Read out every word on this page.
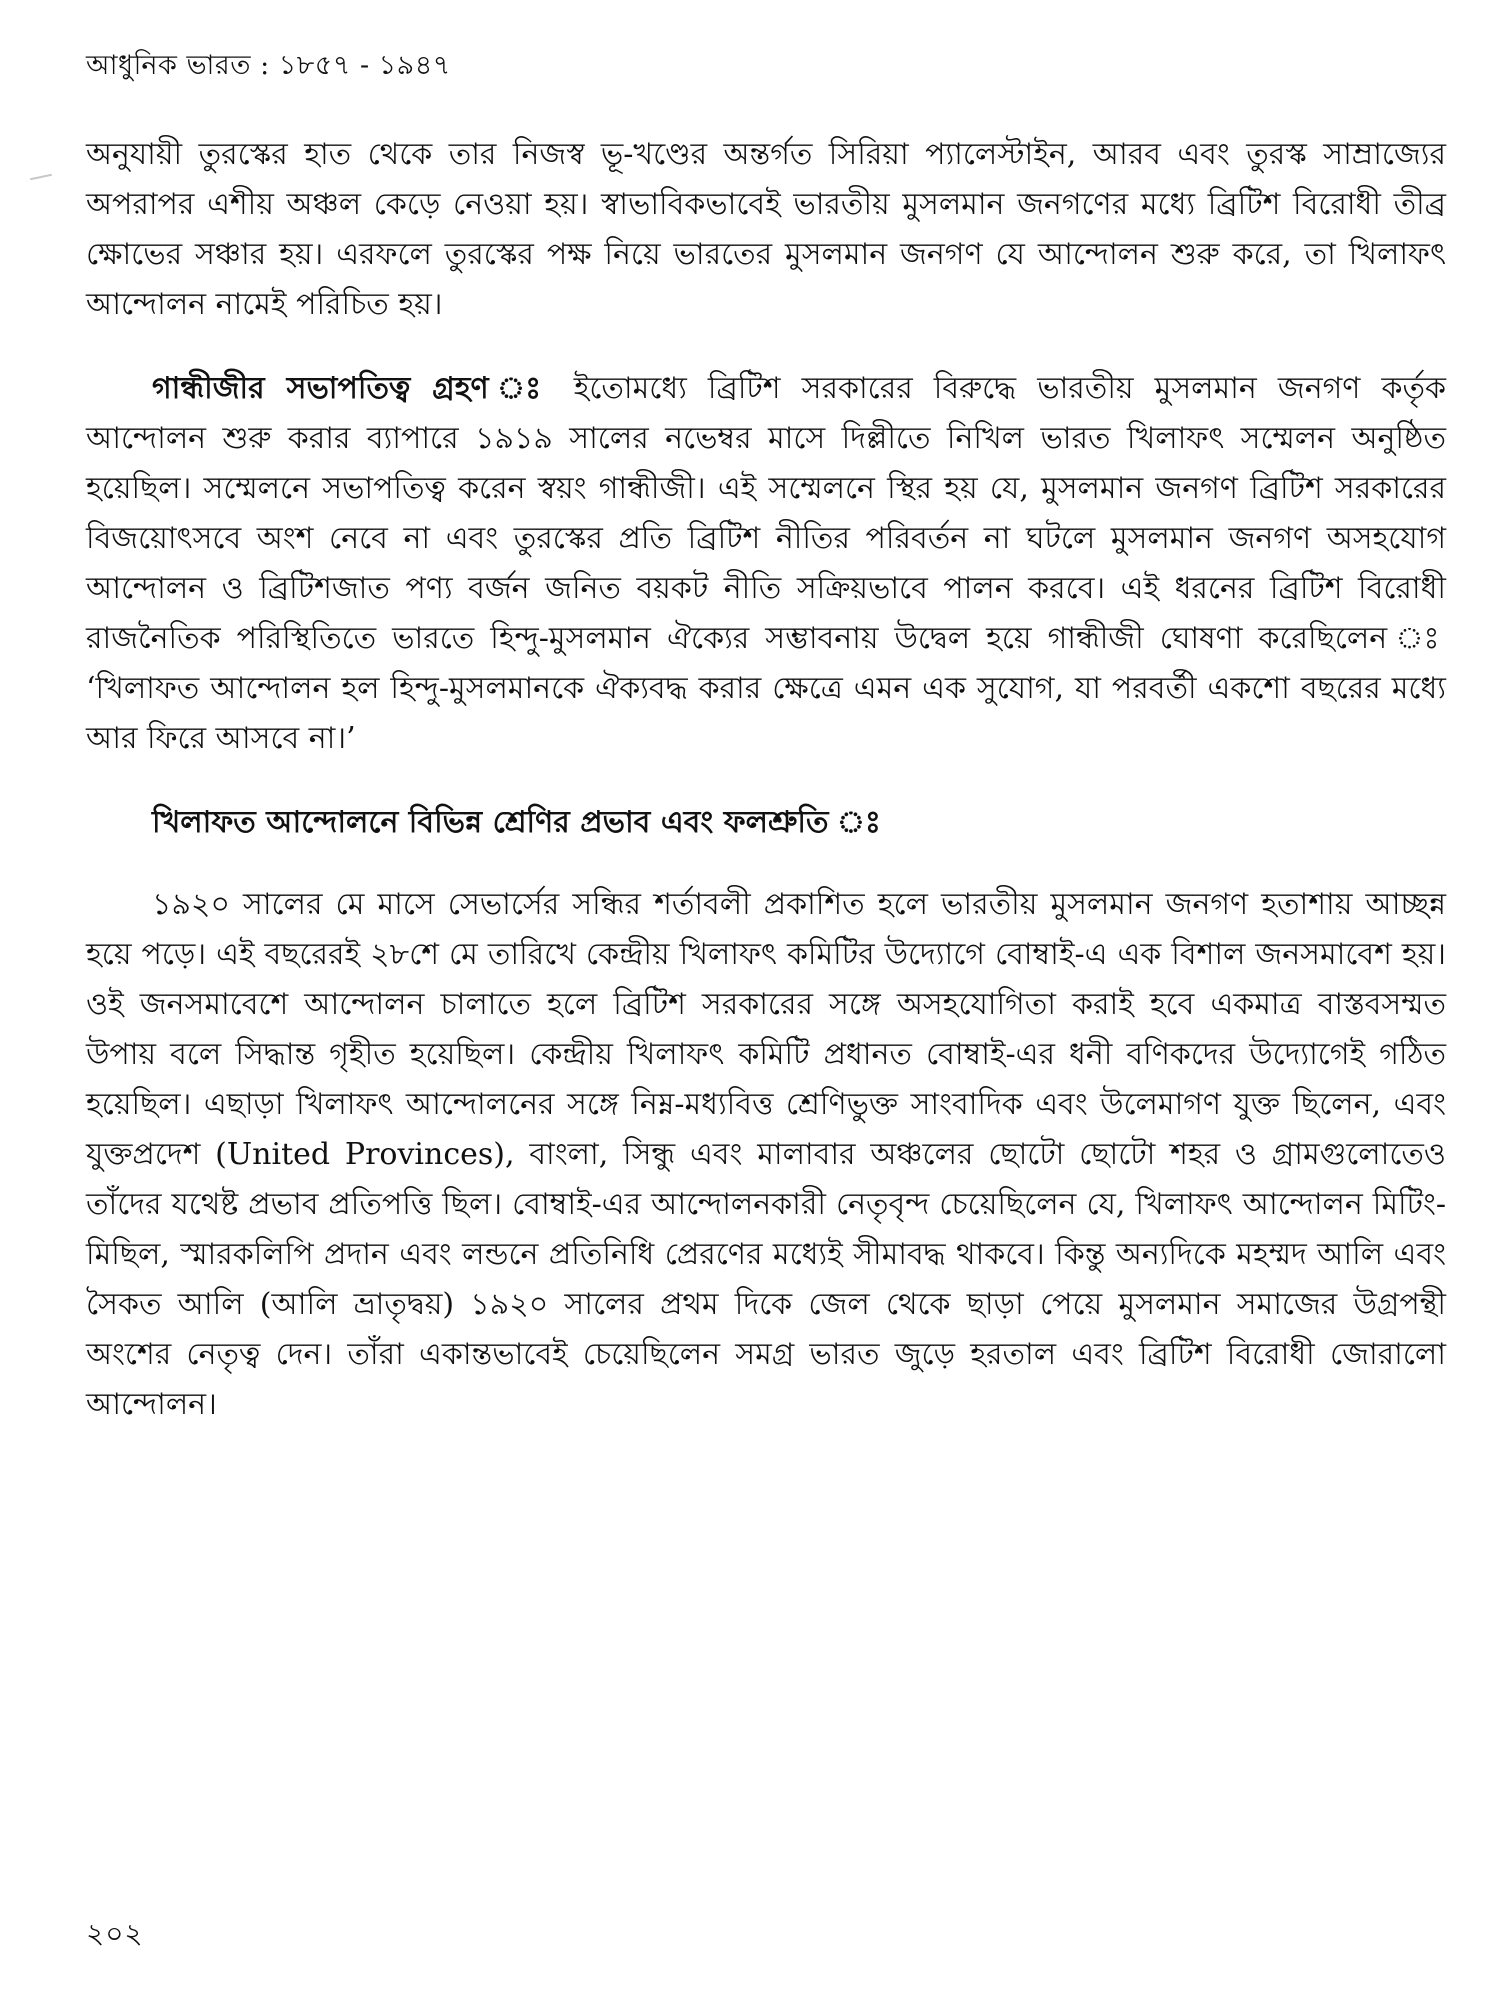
আধুনিক ভারত : ১৮৫৭ - ১৯৪৭

অনুযায়ী তুরস্কের হাত থেকে তার নিজস্ব ভূ-খণ্ডের অন্তর্গত সিরিয়া প্যালেস্টাইন, আরব এবং তুরস্ক সাম্রাজ্যের অপরাপর এশীয় অঞ্চল কেড়ে নেওয়া হয়। স্বাভাবিকভাবেই ভারতীয় মুসলমান জনগণের মধ্যে ব্রিটিশ বিরোধী তীব্র ক্ষোভের সঞ্চার হয়। এরফলে তুরস্কের পক্ষ নিয়ে ভারতের মুসলমান জনগণ যে আন্দোলন শুরু করে, তা খিলাফৎ আন্দোলন নামেই পরিচিত হয়।

গান্ধীজীর সভাপতিত্ব গ্রহণ ঃ ইতোমধ্যে ব্রিটিশ সরকারের বিরুদ্ধে ভারতীয় মুসলমান জনগণ কর্তৃক আন্দোলন শুরু করার ব্যাপারে ১৯১৯ সালের নভেম্বর মাসে দিল্লীতে নিখিল ভারত খিলাফৎ সম্মেলন অনুষ্ঠিত হয়েছিল। সম্মেলনে সভাপতিত্ব করেন স্বয়ং গান্ধীজী। এই সম্মেলনে স্থির হয় যে, মুসলমান জনগণ ব্রিটিশ সরকারের বিজয়োৎসবে অংশ নেবে না এবং তুরস্কের প্রতি ব্রিটিশ নীতির পরিবর্তন না ঘটলে মুসলমান জনগণ অসহযোগ আন্দোলন ও ব্রিটিশজাত পণ্য বর্জন জনিত বয়কট নীতি সক্রিয়ভাবে পালন করবে। এই ধরনের ব্রিটিশ বিরোধী রাজনৈতিক পরিস্থিতিতে ভারতে হিন্দু-মুসলমান ঐক্যের সম্ভাবনায় উদ্বেল হয়ে গান্ধীজী ঘোষণা করেছিলেন ঃ ‘খিলাফত আন্দোলন হল হিন্দু-মুসলমানকে ঐক্যবদ্ধ করার ক্ষেত্রে এমন এক সুযোগ, যা পরবর্তী একশো বছরের মধ্যে আর ফিরে আসবে না।’

খিলাফত আন্দোলনে বিভিন্ন শ্রেণির প্রভাব এবং ফলশ্রুতি ঃ

১৯২০ সালের মে মাসে সেভার্সের সন্ধির শর্তাবলী প্রকাশিত হলে ভারতীয় মুসলমান জনগণ হতাশায় আচ্ছন্ন হয়ে পড়ে। এই বছরেরই ২৮শে মে তারিখে কেন্দ্রীয় খিলাফৎ কমিটির উদ্যোগে বোম্বাই-এ এক বিশাল জনসমাবেশ হয়। ওই জনসমাবেশে আন্দোলন চালাতে হলে ব্রিটিশ সরকারের সঙ্গে অসহযোগিতা করাই হবে একমাত্র বাস্তবসম্মত উপায় বলে সিদ্ধান্ত গৃহীত হয়েছিল। কেন্দ্রীয় খিলাফৎ কমিটি প্রধানত বোম্বাই-এর ধনী বণিকদের উদ্যোগেই গঠিত হয়েছিল। এছাড়া খিলাফৎ আন্দোলনের সঙ্গে নিম্ন-মধ্যবিত্ত শ্রেণিভুক্ত সাংবাদিক এবং উলেমাগণ যুক্ত ছিলেন, এবং যুক্তপ্রদেশ (United Provinces), বাংলা, সিন্ধু এবং মালাবার অঞ্চলের ছোটো ছোটো শহর ও গ্রামগুলোতেও তাঁদের যথেষ্ট প্রভাব প্রতিপত্তি ছিল। বোম্বাই-এর আন্দোলনকারী নেতৃবৃন্দ চেয়েছিলেন যে, খিলাফৎ আন্দোলন মিটিং-মিছিল, স্মারকলিপি প্রদান এবং লন্ডনে প্রতিনিধি প্রেরণের মধ্যেই সীমাবদ্ধ থাকবে। কিন্তু অন্যদিকে মহম্মদ আলি এবং সৈকত আলি (আলি ভ্রাতৃদ্বয়) ১৯২০ সালের প্রথম দিকে জেল থেকে ছাড়া পেয়ে মুসলমান সমাজের উগ্রপন্থী অংশের নেতৃত্ব দেন। তাঁরা একান্তভাবেই চেয়েছিলেন সমগ্র ভারত জুড়ে হরতাল এবং ব্রিটিশ বিরোধী জোরালো আন্দোলন।

২০২
